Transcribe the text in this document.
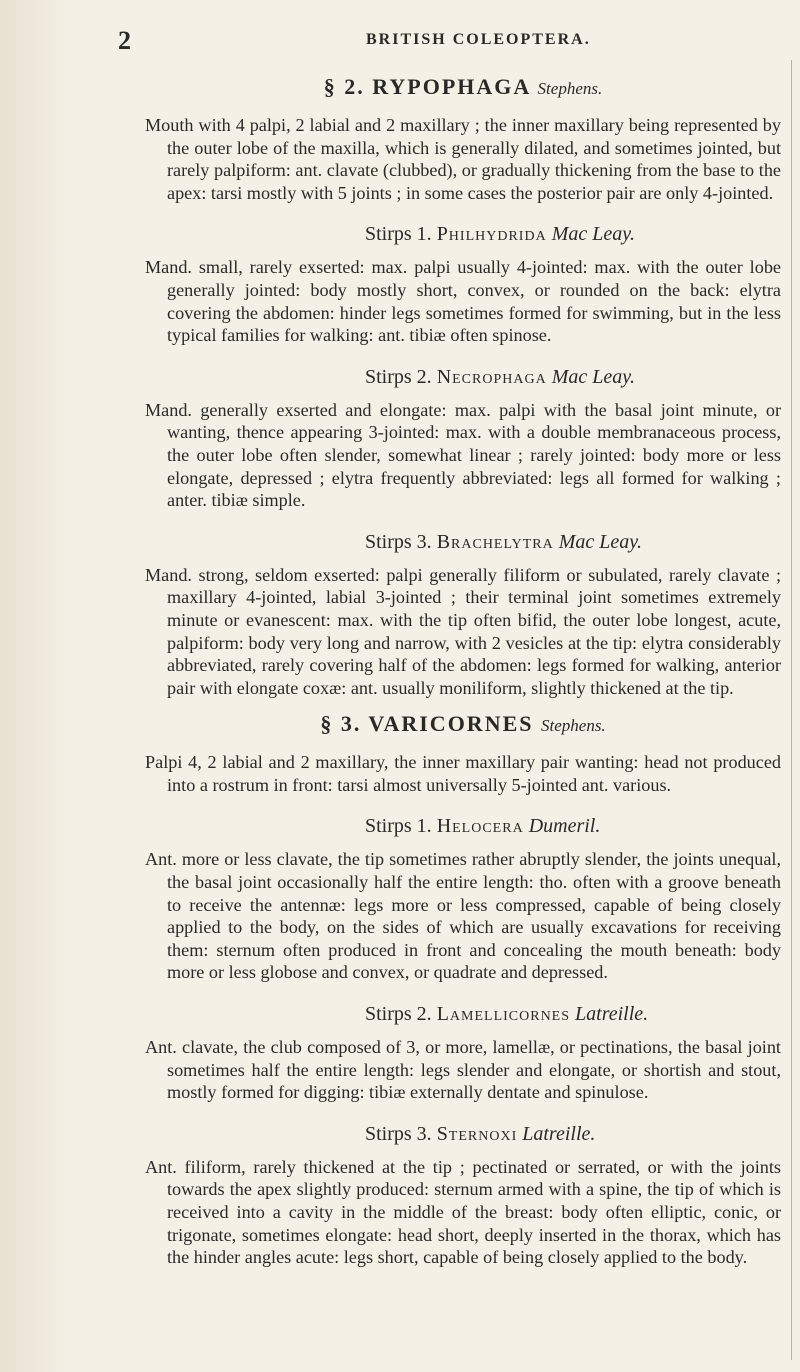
2	BRITISH COLEOPTERA.
§ 2. RYPOPHAGA Stephens.

Mouth with 4 palpi, 2 labial and 2 maxillary ; the inner maxillary being represented by the outer lobe of the maxilla, which is generally dilated, and sometimes jointed, but rarely palpiform: ant. clavate (clubbed), or gradually thickening from the base to the apex: tarsi mostly with 5 joints ; in some cases the posterior pair are only 4-jointed.

Stirps 1. Philhydrida Mac Leay.

Mand. small, rarely exserted: max. palpi usually 4-jointed: max. with the outer lobe generally jointed: body mostly short, convex, or rounded on the back: elytra covering the abdomen: hinder legs sometimes formed for swimming, but in the less typical families for walking: ant. tibiæ often spinose.

Stirps 2. Necrophaga Mac Leay.

Mand. generally exserted and elongate: max. palpi with the basal joint minute, or wanting, thence appearing 3-jointed: max. with a double membranaceous process, the outer lobe often slender, somewhat linear ; rarely jointed: body more or less elongate, depressed ; elytra frequently abbreviated: legs all formed for walking ; anter. tibiæ simple.

Stirps 3. Brachelytra Mac Leay.

Mand. strong, seldom exserted: palpi generally filiform or subulated, rarely clavate ; maxillary 4-jointed, labial 3-jointed ; their terminal joint sometimes extremely minute or evanescent: max. with the tip often bifid, the outer lobe longest, acute, palpiform: body very long and narrow, with 2 vesicles at the tip: elytra considerably abbreviated, rarely covering half of the abdomen: legs formed for walking, anterior pair with elongate coxæ: ant. usually moniliform, slightly thickened at the tip.

§ 3. VARICORNES Stephens.

Palpi 4, 2 labial and 2 maxillary, the inner maxillary pair wanting: head not produced into a rostrum in front: tarsi almost universally 5-jointed ant. various.

Stirps 1. Helocera Dumeril.

Ant. more or less clavate, the tip sometimes rather abruptly slender, the joints unequal, the basal joint occasionally half the entire length: tho. often with a groove beneath to receive the antennæ: legs more or less compressed, capable of being closely applied to the body, on the sides of which are usually excavations for receiving them: sternum often produced in front and concealing the mouth beneath: body more or less globose and convex, or quadrate and depressed.

Stirps 2. Lamellicornes Latreille.

Ant. clavate, the club composed of 3, or more, lamellæ, or pectinations, the basal joint sometimes half the entire length: legs slender and elongate, or shortish and stout, mostly formed for digging: tibiæ externally dentate and spinulose.

Stirps 3. Sternoxi Latreille.

Ant. filiform, rarely thickened at the tip ; pectinated or serrated, or with the joints towards the apex slightly produced: sternum armed with a spine, the tip of which is received into a cavity in the middle of the breast: body often elliptic, conic, or trigonate, sometimes elongate: head short, deeply inserted in the thorax, which has the hinder angles acute: legs short, capable of being closely applied to the body.
